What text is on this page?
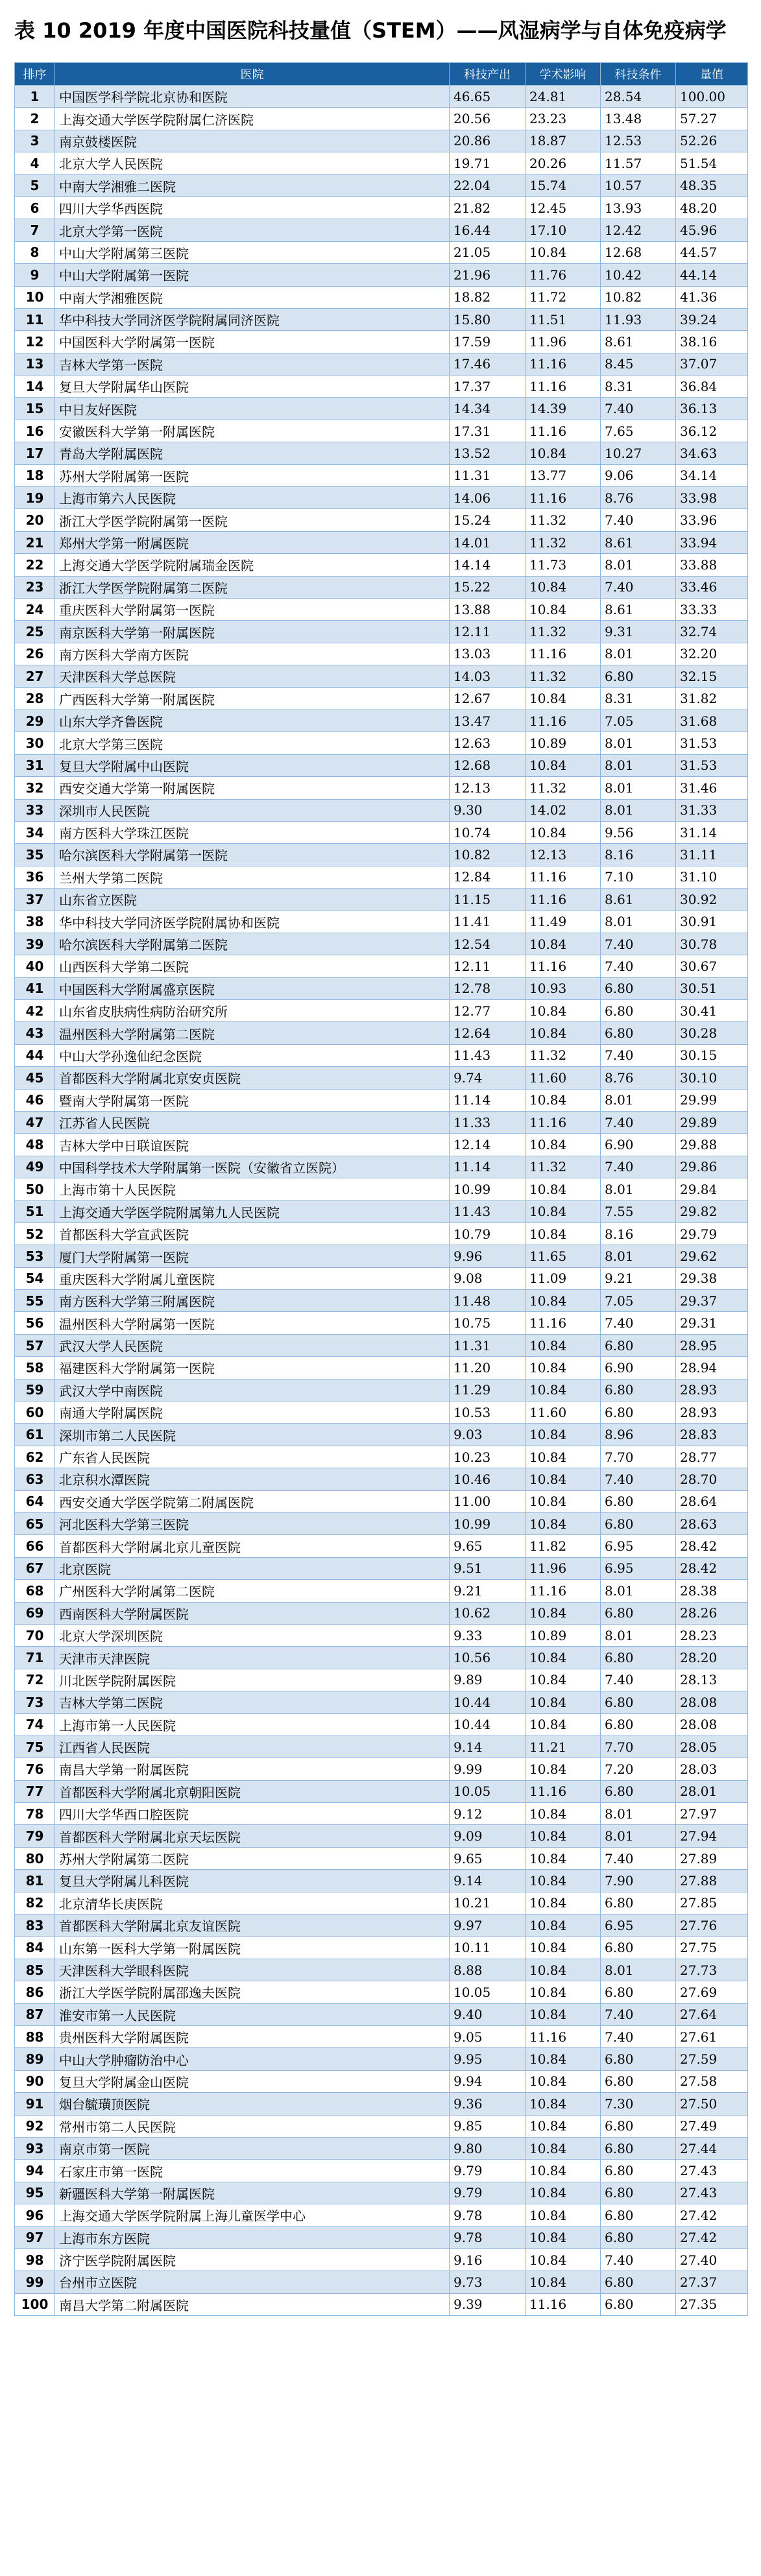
表 10 2019 年度中国医院科技量值（STEM）——风湿病学与自体免疫病学
排序	医院	科技产出	学术影响	科技条件	量值
1	中国医学科学院北京协和医院	46.65	24.81	28.54	100.00
2	上海交通大学医学院附属仁济医院	20.56	23.23	13.48	57.27
3	南京鼓楼医院	20.86	18.87	12.53	52.26
4	北京大学人民医院	19.71	20.26	11.57	51.54
5	中南大学湘雅二医院	22.04	15.74	10.57	48.35
6	四川大学华西医院	21.82	12.45	13.93	48.20
7	北京大学第一医院	16.44	17.10	12.42	45.96
8	中山大学附属第三医院	21.05	10.84	12.68	44.57
9	中山大学附属第一医院	21.96	11.76	10.42	44.14
10	中南大学湘雅医院	18.82	11.72	10.82	41.36
11	华中科技大学同济医学院附属同济医院	15.80	11.51	11.93	39.24
12	中国医科大学附属第一医院	17.59	11.96	8.61	38.16
13	吉林大学第一医院	17.46	11.16	8.45	37.07
14	复旦大学附属华山医院	17.37	11.16	8.31	36.84
15	中日友好医院	14.34	14.39	7.40	36.13
16	安徽医科大学第一附属医院	17.31	11.16	7.65	36.12
17	青岛大学附属医院	13.52	10.84	10.27	34.63
18	苏州大学附属第一医院	11.31	13.77	9.06	34.14
19	上海市第六人民医院	14.06	11.16	8.76	33.98
20	浙江大学医学院附属第一医院	15.24	11.32	7.40	33.96
21	郑州大学第一附属医院	14.01	11.32	8.61	33.94
22	上海交通大学医学院附属瑞金医院	14.14	11.73	8.01	33.88
23	浙江大学医学院附属第二医院	15.22	10.84	7.40	33.46
24	重庆医科大学附属第一医院	13.88	10.84	8.61	33.33
25	南京医科大学第一附属医院	12.11	11.32	9.31	32.74
26	南方医科大学南方医院	13.03	11.16	8.01	32.20
27	天津医科大学总医院	14.03	11.32	6.80	32.15
28	广西医科大学第一附属医院	12.67	10.84	8.31	31.82
29	山东大学齐鲁医院	13.47	11.16	7.05	31.68
30	北京大学第三医院	12.63	10.89	8.01	31.53
31	复旦大学附属中山医院	12.68	10.84	8.01	31.53
32	西安交通大学第一附属医院	12.13	11.32	8.01	31.46
33	深圳市人民医院	9.30	14.02	8.01	31.33
34	南方医科大学珠江医院	10.74	10.84	9.56	31.14
35	哈尔滨医科大学附属第一医院	10.82	12.13	8.16	31.11
36	兰州大学第二医院	12.84	11.16	7.10	31.10
37	山东省立医院	11.15	11.16	8.61	30.92
38	华中科技大学同济医学院附属协和医院	11.41	11.49	8.01	30.91
39	哈尔滨医科大学附属第二医院	12.54	10.84	7.40	30.78
40	山西医科大学第二医院	12.11	11.16	7.40	30.67
41	中国医科大学附属盛京医院	12.78	10.93	6.80	30.51
42	山东省皮肤病性病防治研究所	12.77	10.84	6.80	30.41
43	温州医科大学附属第二医院	12.64	10.84	6.80	30.28
44	中山大学孙逸仙纪念医院	11.43	11.32	7.40	30.15
45	首都医科大学附属北京安贞医院	9.74	11.60	8.76	30.10
46	暨南大学附属第一医院	11.14	10.84	8.01	29.99
47	江苏省人民医院	11.33	11.16	7.40	29.89
48	吉林大学中日联谊医院	12.14	10.84	6.90	29.88
49	中国科学技术大学附属第一医院（安徽省立医院）	11.14	11.32	7.40	29.86
50	上海市第十人民医院	10.99	10.84	8.01	29.84
51	上海交通大学医学院附属第九人民医院	11.43	10.84	7.55	29.82
52	首都医科大学宣武医院	10.79	10.84	8.16	29.79
53	厦门大学附属第一医院	9.96	11.65	8.01	29.62
54	重庆医科大学附属儿童医院	9.08	11.09	9.21	29.38
55	南方医科大学第三附属医院	11.48	10.84	7.05	29.37
56	温州医科大学附属第一医院	10.75	11.16	7.40	29.31
57	武汉大学人民医院	11.31	10.84	6.80	28.95
58	福建医科大学附属第一医院	11.20	10.84	6.90	28.94
59	武汉大学中南医院	11.29	10.84	6.80	28.93
60	南通大学附属医院	10.53	11.60	6.80	28.93
61	深圳市第二人民医院	9.03	10.84	8.96	28.83
62	广东省人民医院	10.23	10.84	7.70	28.77
63	北京积水潭医院	10.46	10.84	7.40	28.70
64	西安交通大学医学院第二附属医院	11.00	10.84	6.80	28.64
65	河北医科大学第三医院	10.99	10.84	6.80	28.63
66	首都医科大学附属北京儿童医院	9.65	11.82	6.95	28.42
67	北京医院	9.51	11.96	6.95	28.42
68	广州医科大学附属第二医院	9.21	11.16	8.01	28.38
69	西南医科大学附属医院	10.62	10.84	6.80	28.26
70	北京大学深圳医院	9.33	10.89	8.01	28.23
71	天津市天津医院	10.56	10.84	6.80	28.20
72	川北医学院附属医院	9.89	10.84	7.40	28.13
73	吉林大学第二医院	10.44	10.84	6.80	28.08
74	上海市第一人民医院	10.44	10.84	6.80	28.08
75	江西省人民医院	9.14	11.21	7.70	28.05
76	南昌大学第一附属医院	9.99	10.84	7.20	28.03
77	首都医科大学附属北京朝阳医院	10.05	11.16	6.80	28.01
78	四川大学华西口腔医院	9.12	10.84	8.01	27.97
79	首都医科大学附属北京天坛医院	9.09	10.84	8.01	27.94
80	苏州大学附属第二医院	9.65	10.84	7.40	27.89
81	复旦大学附属儿科医院	9.14	10.84	7.90	27.88
82	北京清华长庚医院	10.21	10.84	6.80	27.85
83	首都医科大学附属北京友谊医院	9.97	10.84	6.95	27.76
84	山东第一医科大学第一附属医院	10.11	10.84	6.80	27.75
85	天津医科大学眼科医院	8.88	10.84	8.01	27.73
86	浙江大学医学院附属邵逸夫医院	10.05	10.84	6.80	27.69
87	淮安市第一人民医院	9.40	10.84	7.40	27.64
88	贵州医科大学附属医院	9.05	11.16	7.40	27.61
89	中山大学肿瘤防治中心	9.95	10.84	6.80	27.59
90	复旦大学附属金山医院	9.94	10.84	6.80	27.58
91	烟台毓璜顶医院	9.36	10.84	7.30	27.50
92	常州市第二人民医院	9.85	10.84	6.80	27.49
93	南京市第一医院	9.80	10.84	6.80	27.44
94	石家庄市第一医院	9.79	10.84	6.80	27.43
95	新疆医科大学第一附属医院	9.79	10.84	6.80	27.43
96	上海交通大学医学院附属上海儿童医学中心	9.78	10.84	6.80	27.42
97	上海市东方医院	9.78	10.84	6.80	27.42
98	济宁医学院附属医院	9.16	10.84	7.40	27.40
99	台州市立医院	9.73	10.84	6.80	27.37
100	南昌大学第二附属医院	9.39	11.16	6.80	27.35
